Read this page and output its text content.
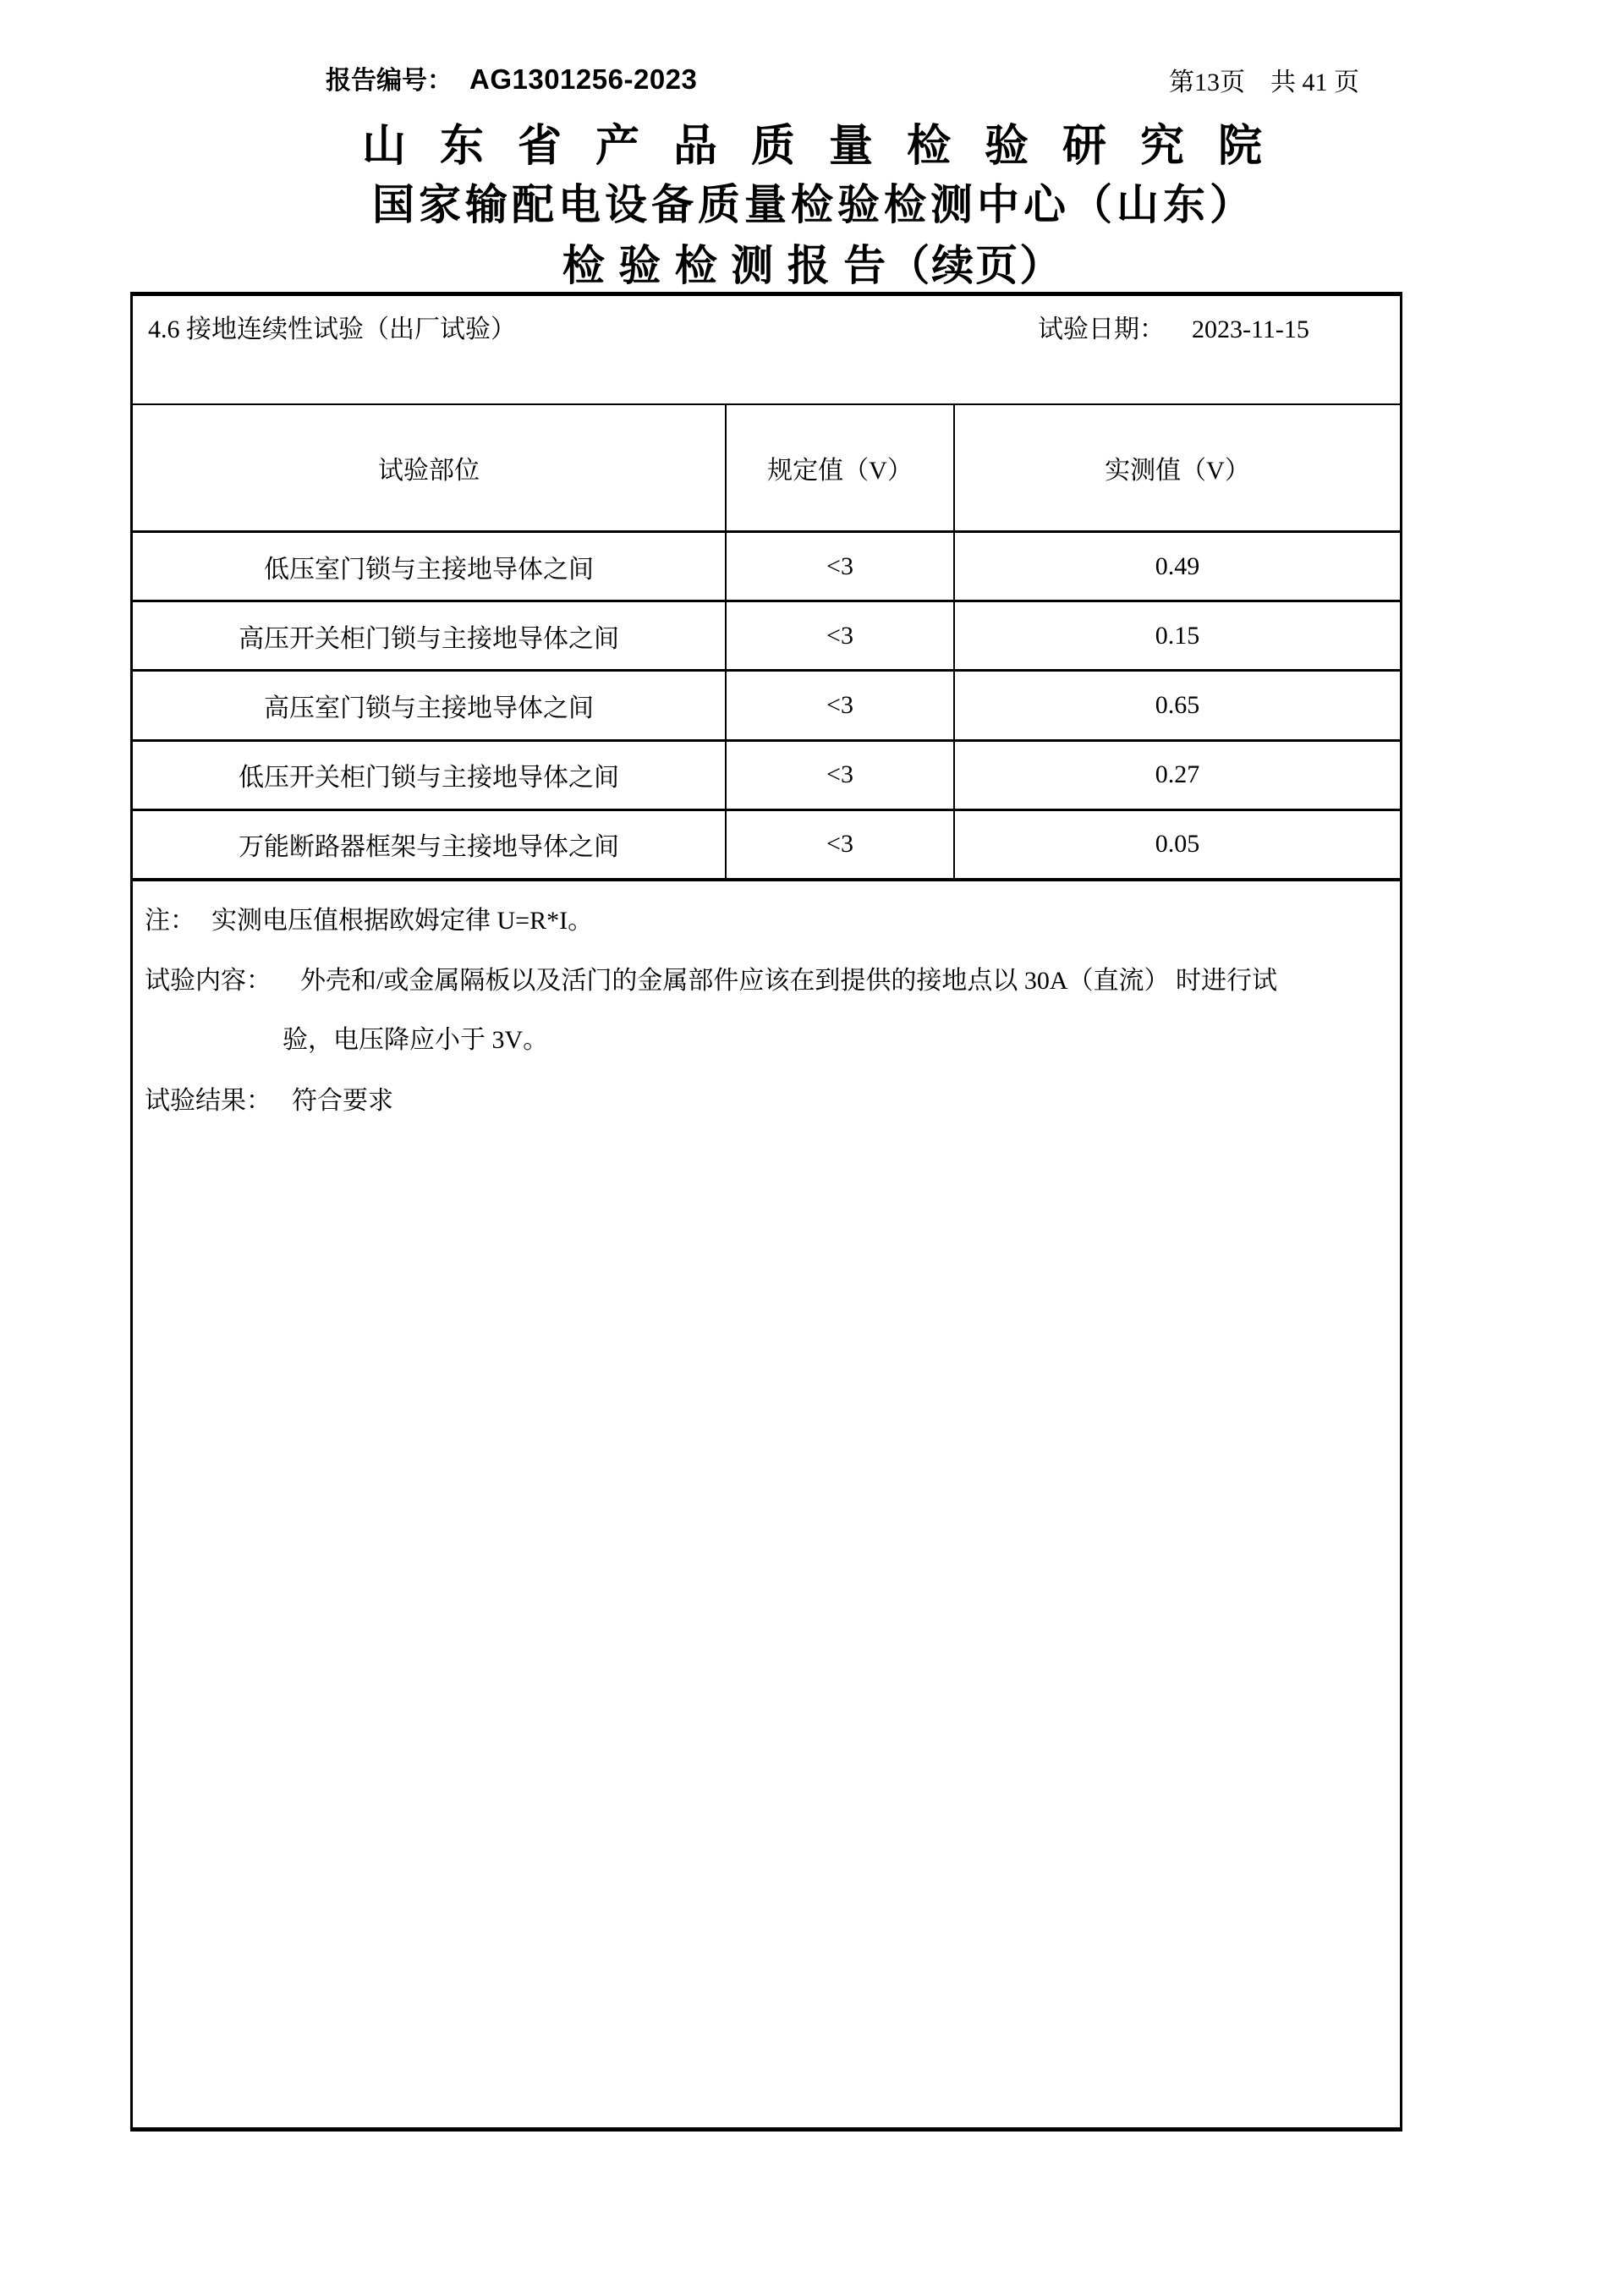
报告编号： AG1301256-2023	第13页 共 41 页
山东省产品质量检验研究院
国家输配电设备质量检验检测中心（山东）
检 验 检 测 报 告（续页）
4.6 接地连续性试验（出厂试验）	试验日期： 2023-11-15
试验部位	规定值（V）	实测值（V）
低压室门锁与主接地导体之间	<3	0.49
高压开关柜门锁与主接地导体之间	<3	0.15
高压室门锁与主接地导体之间	<3	0.65
低压开关柜门锁与主接地导体之间	<3	0.27
万能断路器框架与主接地导体之间	<3	0.05
注： 实测电压值根据欧姆定律 U=R*I。
试验内容： 外壳和/或金属隔板以及活门的金属部件应该在到提供的接地点以 30A（直流） 时进行试
验，电压降应小于 3V。
试验结果： 符合要求
